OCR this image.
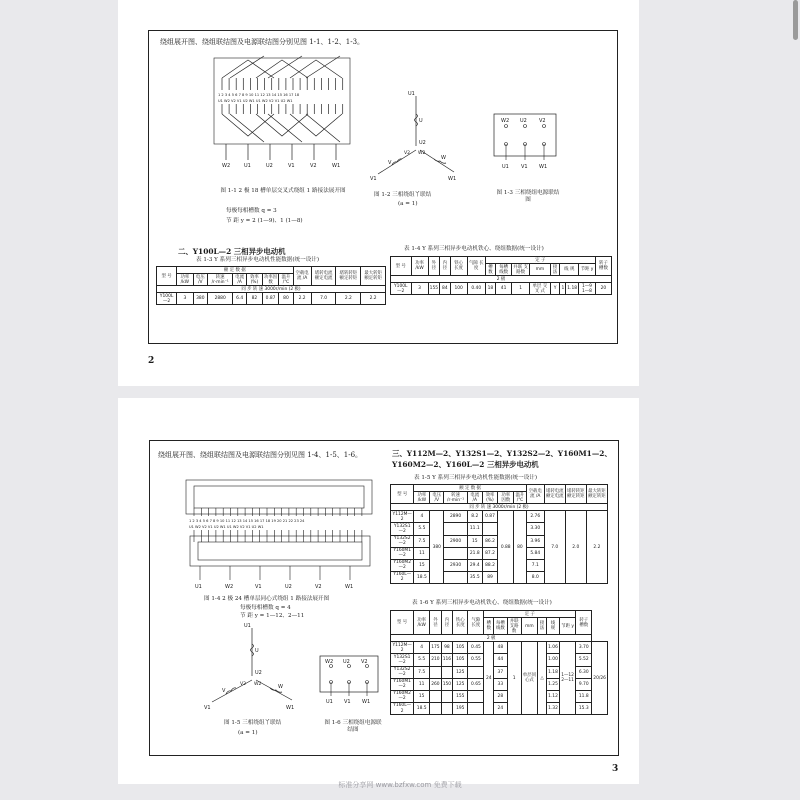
绕组展开图、绕组联结图及电源联结图分别见图 1-1、1-2、1-3。
1 2 3 4 5 6 7 8 9 10 11 12 13 14 15 16 17 18
U1 W2 V2 V1 U2 W1 U1 W2 V2 V1 U2 W1
W2	U1	U2	V1	V2	W1
图 1-1 2 极 18 槽单层交叉式绕组 1 路接法展开图
每极每相槽数 q = 3
节 距 y = 2 (1—9)、1 (1—8)
U1
U
U2
V2 W2
V
W
V1	W1
图 1-2 三相绕组丫联结
(a = 1)
W2 U2 V2
U1 V1 W1
图 1-3 三相绕组电源联结图
二、Y100L—2 三相异步电动机
表 1-3 Y 系列三相异步电动机性能数据(统一设计)
型 号	额 定 数 据							空载电流 /A	堵转电流 额定电流	堵转转矩 额定转矩	最大转矩 额定转矩
	功率 /kW	电压 /V	转速 /r·min⁻¹	电流 /A	效率 (%)	功率因数	温升 /℃				
同 步 转 速 3000r/min (2 极)											
Y100L—2	3	380	2880	6.4	82	0.87	80	2.2	7.0	2.2	2.2
表 1-4 Y 系列三相异步电动机铁心、绕组数据(统一设计)
型 号	功率 /kW	外径	内径	铁心 长度	气隙 长度	定 子								转子 槽数
						槽数	每槽 线数	并联 支路数	mm	接法	线 规		节距 y	
2 极														
Y100L—2	3	155	84	100	0.40	18	41	1	单层 交叉 式	Y	1	1.18	1—9 1—8	20
2
绕组展开图、绕组联结图及电源联结图分别见图 1-4、1-5、1-6。
1 2 3 4 5 6 7 8 9 10 11 12 13 14 15 16 17 18 19 20 21 22 23 24
U1 W2 V2 V1 U2 W1 U1 W2 V2 V1 U2 W1
U1	W2	V1	U2	V2	W1
图 1-4 2 极 24 槽单层同心式绕组 1 路接法展开图
每极每相槽数 q = 4
节 距 y = 1—12、2—11
U1
U
U2
V2 W2
V
W
V1	W1
图 1-5 三相绕组丫联结
(a = 1)
W2 U2 V2
U1 V1 W1
图 1-6 三相绕组电源联结图
三、Y112M—2、Y132S1—2、Y132S2—2、Y160M1—2、Y160M2—2、Y160L—2 三相异步电动机
表 1-5 Y 系列三相异步电动机性能数据(统一设计)
型 号	额 定 数 据							空载电流 /A	堵转电流 额定电流	堵转转矩 额定转矩	最大转矩 额定转矩
	功率 /kW	电压 /V	转速 /r·min⁻¹	电流 /A	效率 (%)	功率因数	温升 /℃				
同 步 转 速 3000r/min (2 极)											
Y112M—2	4	380	2890	8.2	0.87	0.88	80	2.76	7.0	2.0	2.2
Y132S1—2	5.5			11.1				3.30			
Y132S2—2	7.5		2900	15	86.2			3.96			
Y160M1—2	11			21.8	87.2			5.84			
Y160M2—2	15		2930	29.4	88.2			7.1			
Y160L—2	18.5			35.5	89			8.0			
表 1-6 Y 系列三相异步电动机铁心、绕组数据(统一设计)
型 号	功率 /kW	外径	内径	铁心 长度	气隙 长度	定 子							转子 槽数	
						槽数	每槽 线数	并联 支路数	mm	接法	线 规	节距 y		
2 极														
Y112M—2	4	175	98	105	0.45	24	48	1	单层同心式	△	1.06	1—12 2—11	3.70	20/26
Y132S1—2	5.5	210	116	105	0.55		44				1.00		5.52	
Y132S2—2	7.5			125			37				1.18		6.30	
Y160M1—2	11	260	150	125	0.65		33				1.25		9.70	
Y160M2—2	15			155			28				1.12		11.8	
Y160L—2	18.5			195			24				1.32		15.3	
3
标准分享网 www.bzfxw.com 免费下载
